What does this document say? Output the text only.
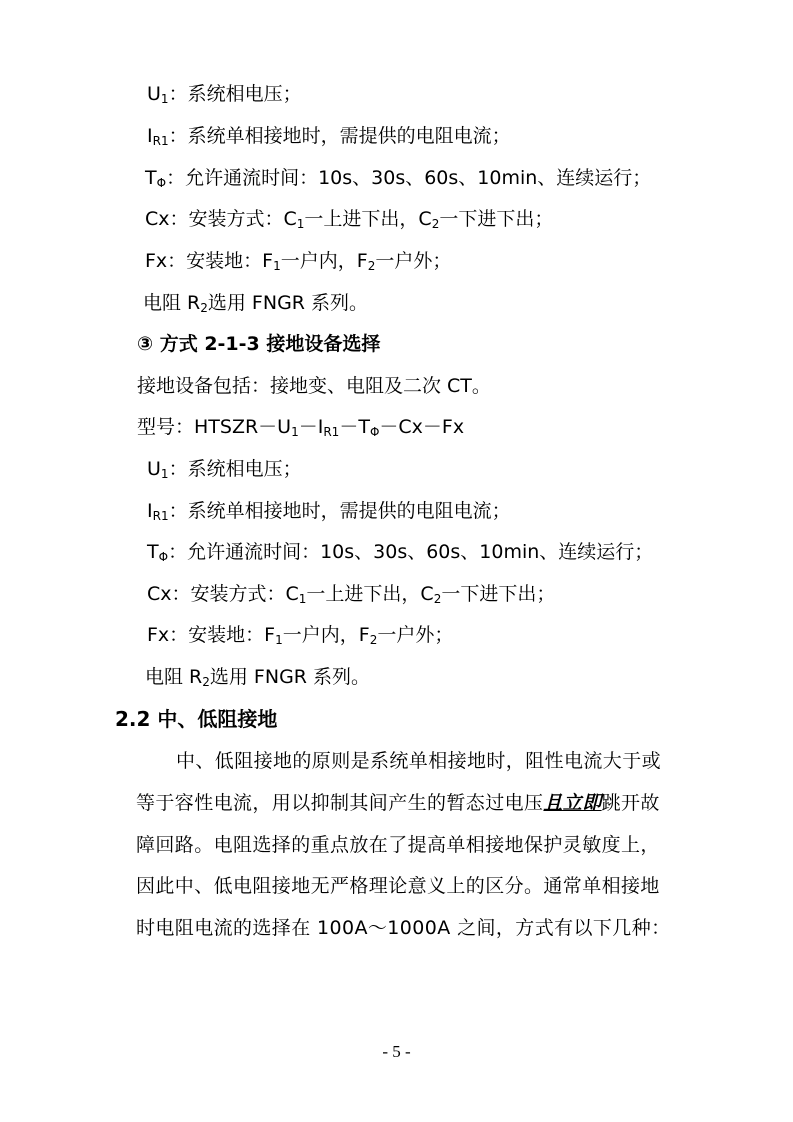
$U_1$：系统相电压；
$I_{R1}$：系统单相接地时，需提供的电阻电流；
$T_\Phi$：允许通流时间：10s、30s、60s、10min、连续运行；
Cx：安装方式：$C_1$一上进下出，$C_2$一下进下出；
Fx：安装地：$F_1$一户内，$F_2$一户外；
电阻 $R_2$选用 FNGR 系列。
③ 方式 2-1-3 接地设备选择
接地设备包括：接地变、电阻及二次 CT。
型号：$HTSZR-U_1-I_{R1}-T_\Phi-Cx-Fx$
$U_1$：系统相电压；
$I_{R1}$：系统单相接地时，需提供的电阻电流；
$T_\Phi$：允许通流时间：10s、30s、60s、10min、连续运行；
Cx：安装方式：$C_1$一上进下出，$C_2$一下进下出；
Fx：安装地：$F_1$一户内，$F_2$一户外；
电阻 $R_2$选用 FNGR 系列。
2.2 中、低阻接地
中、低阻接地的原则是系统单相接地时，阻性电流大于或
等于容性电流，用以抑制其间产生的暂态过电压且立即跳开故
障回路。电阻选择的重点放在了提高单相接地保护灵敏度上，
因此中、低电阻接地无严格理论意义上的区分。通常单相接地
时电阻电流的选择在 100A～1000A 之间，方式有以下几种：
- 5 -
